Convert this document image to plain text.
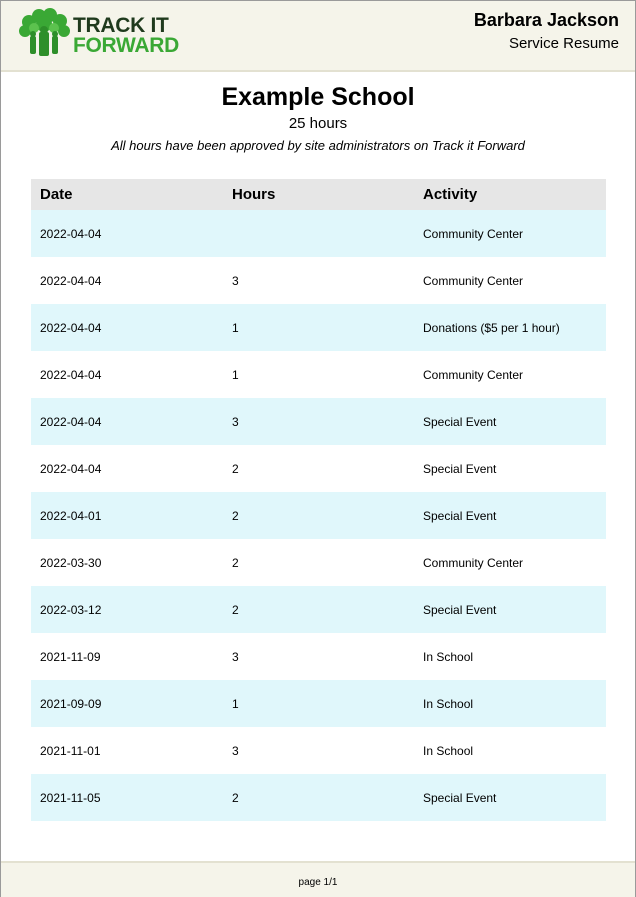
TRACK IT
FORWARD
Barbara Jackson
Service Resume
Example School
25 hours
All hours have been approved by site administrators on Track it Forward
Date	Hours	Activity
2022-04-04		Community Center
2022-04-04	3	Community Center
2022-04-04	1	Donations ($5 per 1 hour)
2022-04-04	1	Community Center
2022-04-04	3	Special Event
2022-04-04	2	Special Event
2022-04-01	2	Special Event
2022-03-30	2	Community Center
2022-03-12	2	Special Event
2021-11-09	3	In School
2021-09-09	1	In School
2021-11-01	3	In School
2021-11-05	2	Special Event
page 1/1
